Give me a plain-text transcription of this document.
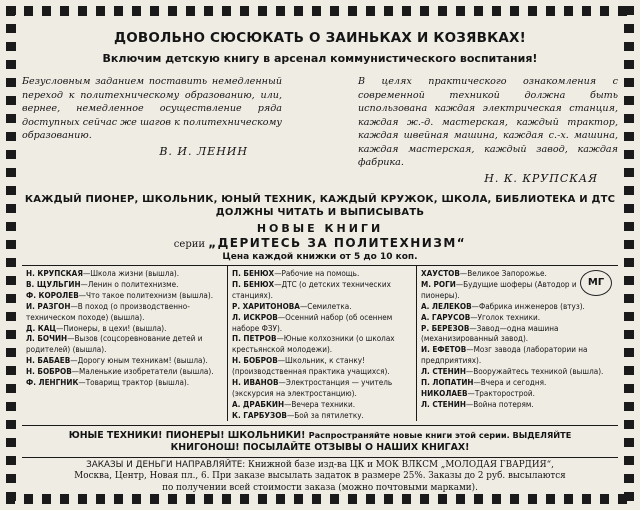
ДОВОЛЬНО СЮСЮКАТЬ О ЗАИНЬКАХ И КОЗЯВКАХ!
Включим детскую книгу в арсенал коммунистического воспитания!
Безусловным заданием поставить немедленный переход к политехническому образованию, или, вернее, немедленное осуществление ряда доступных сейчас же шагов к политехническому образованию.
В. И. ЛЕНИН
В целях практического ознакомления с современной техникой должна быть использована каждая электрическая станция, каждая ж.-д. мастерская, каждый трактор, каждая швейная машина, каждая с.-х. машина, каждая мастерская, каждый завод, каждая фабрика.
Н. К. КРУПСКАЯ
КАЖДЫЙ ПИОНЕР, ШКОЛЬНИК, ЮНЫЙ ТЕХНИК, КАЖДЫЙ КРУЖОК, ШКОЛА, БИБЛИОТЕКА И ДТС
ДОЛЖНЫ ЧИТАТЬ И ВЫПИСЫВАТЬ
НОВЫЕ КНИГИ
серии „ДЕРИТЕСЬ ЗА ПОЛИТЕХНИЗМ“
Цена каждой книжки от 5 до 10 коп.

Н. КРУПСКАЯ—Школа жизни (вышла).

В. ЩУЛЬГИН—Ленин о политехнизме.

Ф. КОРОЛЕВ—Что такое политехнизм (вышла).

И. РАЗГОН—В поход (о производственно-техническом походе) (вышла).

Д. КАЦ—Пионеры, в цехи! (вышла).

Л. БОЧИН—Вызов (соцсоревнование детей и родителей) (вышла).

Н. БАБАЕВ—Дорогу юным техникам! (вышла).

Н. БОБРОВ—Маленькие изобретатели (вышла).

Ф. ЛЕНГНИК—Товарищ трактор (вышла).

П. БЕНЮХ—Рабочие на помощь.

П. БЕНЮХ—ДТС (о детских технических станциях).

Р. ХАРИТОНОВА—Семилетка.

Л. ИСКРОВ—Осенний набор (об осеннем наборе ФЗУ).

П. ПЕТРОВ—Юные колхозники (о школах крестьянской молодежи).

Н. БОБРОВ—Школьник, к станку! (производственная практика учащихся).

Н. ИВАНОВ—Электростанция — учитель (экскурсия на электростанцию).

А. ДРАБКИН—Вечера техники.

К. ГАРБУЗОВ—Бой за пятилетку.

МГ

ХАУСТОВ—Великое Запорожье.

М. РОГИ—Будущие шоферы (Автодор и пионеры).

А. ЛЕЛЕКОВ—Фабрика инженеров (втуз).

А. ГАРУСОВ—Уголок техники.

Р. БЕРЕЗОВ—Завод—одна машина (механизированный завод).

И. ЕФЕТОВ—Мозг завода (лаборатории на предприятиях).

Л. СТЕНИН—Вооружайтесь техникой (вышла).

П. ЛОПАТИН—Вчера и сегодня.

НИКОЛАЕВ—Тракторострой.

Л. СТЕНИН—Война потерям.

ЮНЫЕ ТЕХНИКИ! ПИОНЕРЫ! ШКОЛЬНИКИ! Распространяйте новые книги этой серии. ВЫДЕЛЯЙТЕ
КНИГОНОШ! ПОСЫЛАЙТЕ ОТЗЫВЫ О НАШИХ КНИГАХ!
ЗАКАЗЫ И ДЕНЬГИ НАПРАВЛЯЙТЕ: Книжной базе изд-ва ЦК и МОК ВЛКСМ „МОЛОДАЯ ГВАРДИЯ“,
Москва, Центр, Новая пл., 6. При заказе высылать задаток в размере 25%. Заказы до 2 руб. высылаются
по получении всей стоимости заказа (можно почтовыми марками).
